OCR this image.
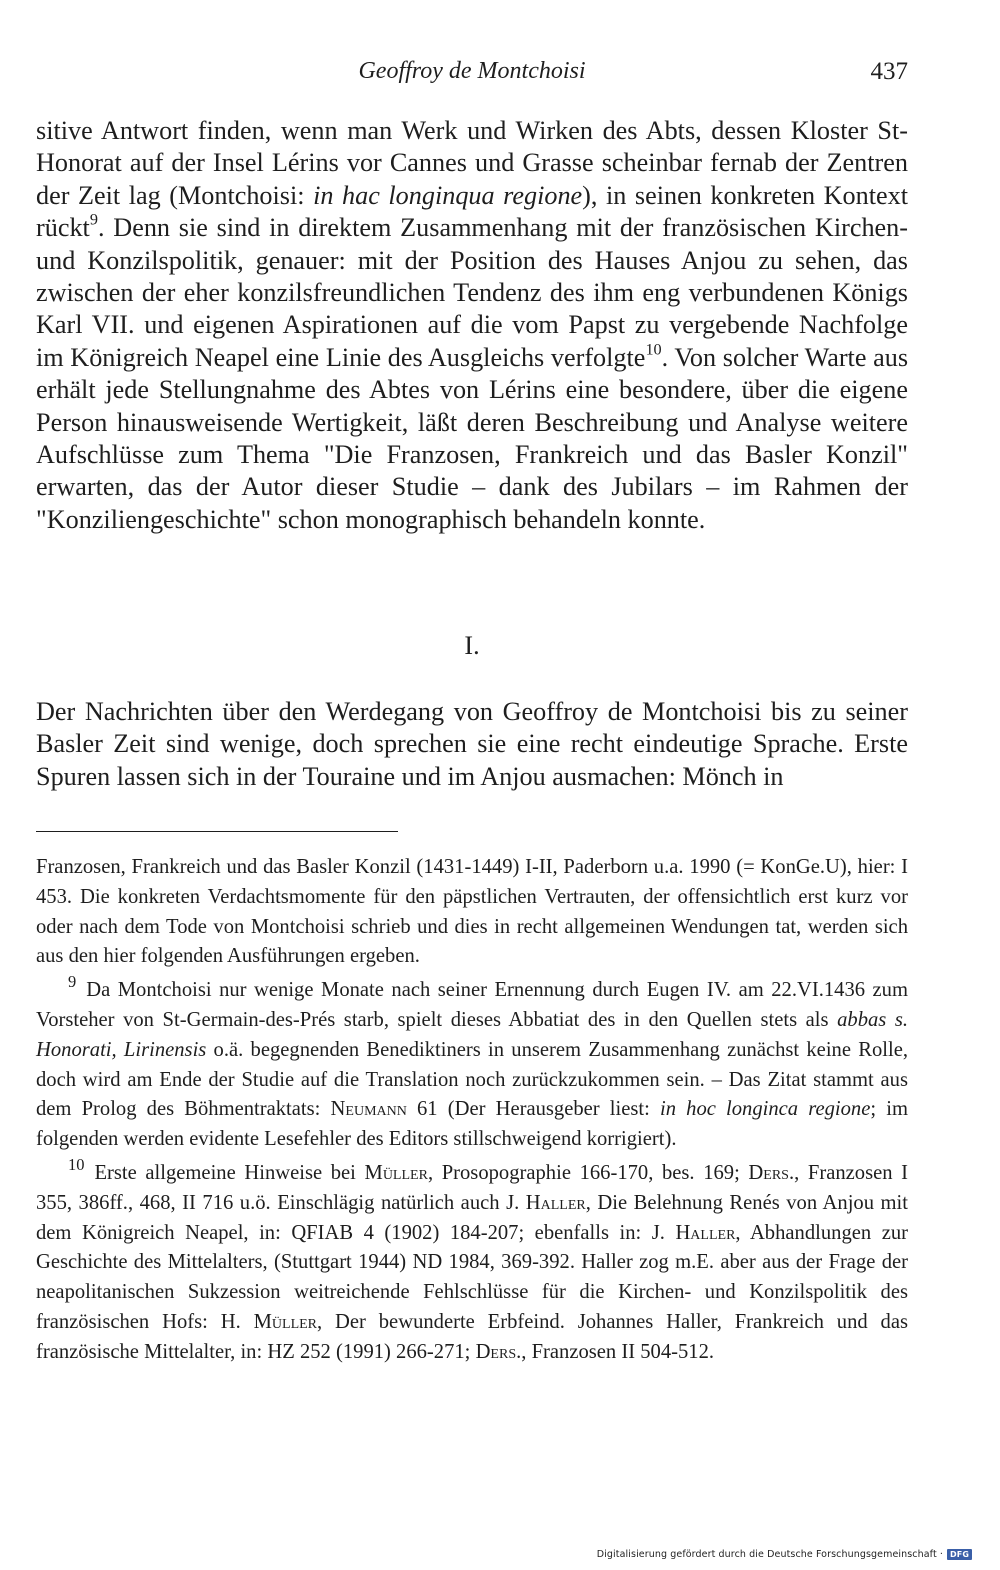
Geoffroy de Montchoisi	437

sitive Antwort finden, wenn man Werk und Wirken des Abts, dessen Kloster St-Honorat auf der Insel Lérins vor Cannes und Grasse scheinbar fernab der Zentren der Zeit lag (Montchoisi: in hac longinqua regione), in seinen konkreten Kontext rückt$^9$. Denn sie sind in direktem Zusammenhang mit der französischen Kirchen- und Konzilspolitik, genauer: mit der Position des Hauses Anjou zu sehen, das zwischen der eher konzilsfreundlichen Tendenz des ihm eng verbundenen Königs Karl VII. und eigenen Aspirationen auf die vom Papst zu vergebende Nachfolge im Königreich Neapel eine Linie des Ausgleichs verfolgte$^{10}$. Von solcher Warte aus erhält jede Stellungnahme des Abtes von Lérins eine besondere, über die eigene Person hinausweisende Wertigkeit, läßt deren Beschreibung und Analyse weitere Aufschlüsse zum Thema "Die Franzosen, Frankreich und das Basler Konzil" erwarten, das der Autor dieser Studie – dank des Jubilars – im Rahmen der "Konziliengeschichte" schon monographisch behandeln konnte.

I.

Der Nachrichten über den Werdegang von Geoffroy de Montchoisi bis zu seiner Basler Zeit sind wenige, doch sprechen sie eine recht eindeutige Sprache. Erste Spuren lassen sich in der Touraine und im Anjou ausmachen: Mönch in

Franzosen, Frankreich und das Basler Konzil (1431-1449) I-II, Paderborn u.a. 1990 (= KonGe.U), hier: I 453. Die konkreten Verdachtsmomente für den päpstlichen Vertrauten, der offensichtlich erst kurz vor oder nach dem Tode von Montchoisi schrieb und dies in recht allgemeinen Wendungen tat, werden sich aus den hier folgenden Ausführungen ergeben.

$^9$ Da Montchoisi nur wenige Monate nach seiner Ernennung durch Eugen IV. am 22.VI.1436 zum Vorsteher von St-Germain-des-Prés starb, spielt dieses Abbatiat des in den Quellen stets als abbas s. Honorati, Lirinensis o.ä. begegnenden Benediktiners in unserem Zusammenhang zunächst keine Rolle, doch wird am Ende der Studie auf die Translation noch zurückzukommen sein. – Das Zitat stammt aus dem Prolog des Böhmentraktats: Neumann 61 (Der Herausgeber liest: in hoc longinca regione; im folgenden werden evidente Lesefehler des Editors stillschweigend korrigiert).

$^{10}$ Erste allgemeine Hinweise bei Müller, Prosopographie 166-170, bes. 169; Ders., Franzosen I 355, 386ff., 468, II 716 u.ö. Einschlägig natürlich auch J. Haller, Die Belehnung Renés von Anjou mit dem Königreich Neapel, in: QFIAB 4 (1902) 184-207; ebenfalls in: J. Haller, Abhandlungen zur Geschichte des Mittelalters, (Stuttgart 1944) ND 1984, 369-392. Haller zog m.E. aber aus der Frage der neapolitanischen Sukzession weitreichende Fehlschlüsse für die Kirchen- und Konzilspolitik des französischen Hofs: H. Müller, Der bewunderte Erbfeind. Johannes Haller, Frankreich und das französische Mittelalter, in: HZ 252 (1991) 266-271; Ders., Franzosen II 504-512.

Digitalisierung gefördert durch die Deutsche Forschungsgemeinschaft · DFG
